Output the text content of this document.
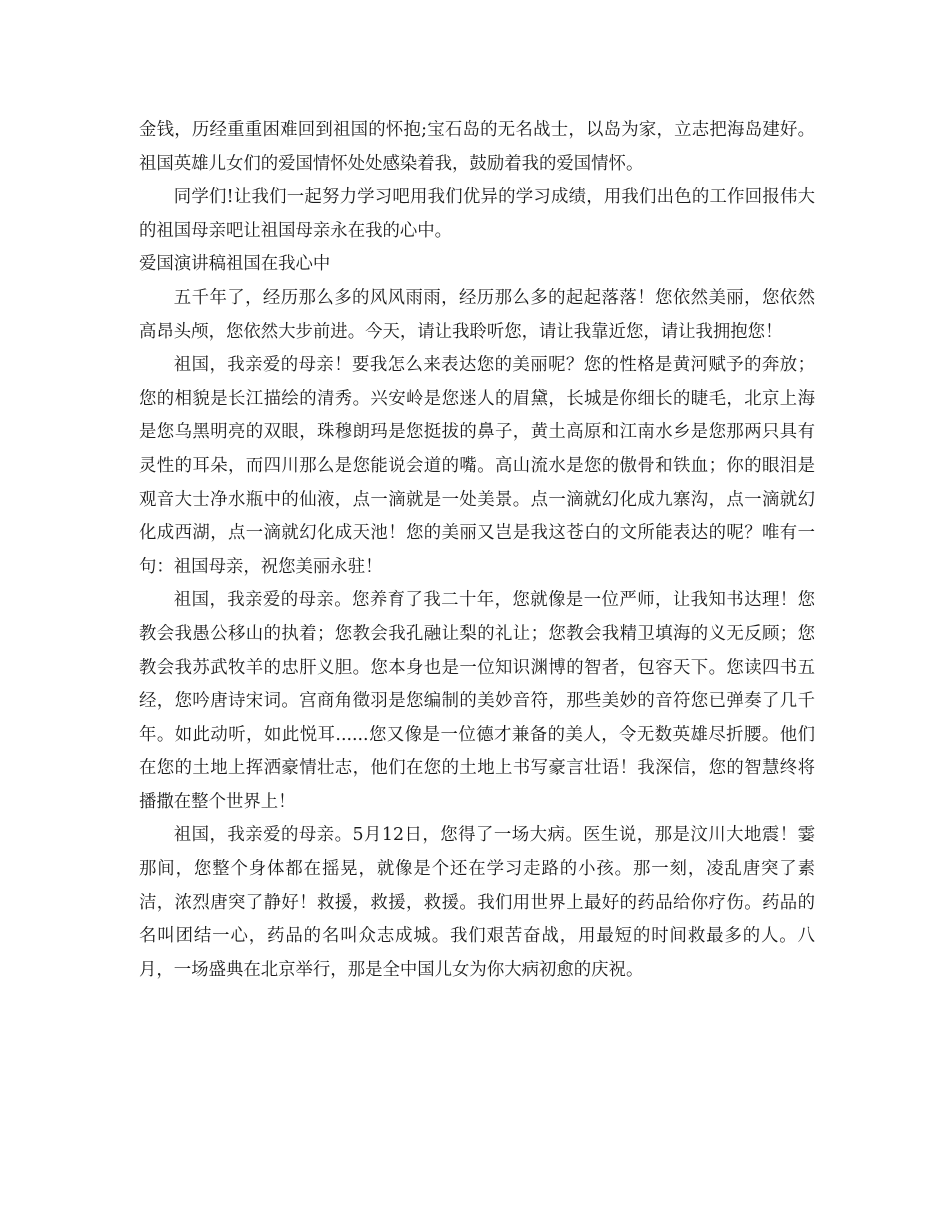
金钱，历经重重困难回到祖国的怀抱;宝石岛的无名战士，以岛为家，立志把海岛建好。祖国英雄儿女们的爱国情怀处处感染着我，鼓励着我的爱国情怀。

同学们!让我们一起努力学习吧用我们优异的学习成绩，用我们出色的工作回报伟大的祖国母亲吧让祖国母亲永在我的心中。

爱国演讲稿祖国在我心中

五千年了，经历那么多的风风雨雨，经历那么多的起起落落！您依然美丽，您依然高昂头颅，您依然大步前进。今天，请让我聆听您，请让我靠近您，请让我拥抱您！

祖国，我亲爱的母亲！要我怎么来表达您的美丽呢？您的性格是黄河赋予的奔放；您的相貌是长江描绘的清秀。兴安岭是您迷人的眉黛，长城是你细长的睫毛，北京上海是您乌黑明亮的双眼，珠穆朗玛是您挺拔的鼻子，黄土高原和江南水乡是您那两只具有灵性的耳朵，而四川那么是您能说会道的嘴。高山流水是您的傲骨和铁血；你的眼泪是观音大士净水瓶中的仙液，点一滴就是一处美景。点一滴就幻化成九寨沟，点一滴就幻化成西湖，点一滴就幻化成天池！您的美丽又岂是我这苍白的文所能表达的呢？唯有一句：祖国母亲，祝您美丽永驻！

祖国，我亲爱的母亲。您养育了我二十年，您就像是一位严师，让我知书达理！您教会我愚公移山的执着；您教会我孔融让梨的礼让；您教会我精卫填海的义无反顾；您教会我苏武牧羊的忠肝义胆。您本身也是一位知识渊博的智者，包容天下。您读四书五经，您吟唐诗宋词。宫商角徵羽是您编制的美妙音符，那些美妙的音符您已弹奏了几千年。如此动听，如此悦耳......您又像是一位德才兼备的美人，令无数英雄尽折腰。他们在您的土地上挥洒豪情壮志，他们在您的土地上书写豪言壮语！我深信，您的智慧终将播撒在整个世界上！

祖国，我亲爱的母亲。5月12日，您得了一场大病。医生说，那是汶川大地震！霎那间，您整个身体都在摇晃，就像是个还在学习走路的小孩。那一刻，凌乱唐突了素洁，浓烈唐突了静好！救援，救援，救援。我们用世界上最好的药品给你疗伤。药品的名叫团结一心，药品的名叫众志成城。我们艰苦奋战，用最短的时间救最多的人。八月，一场盛典在北京举行，那是全中国儿女为你大病初愈的庆祝。
